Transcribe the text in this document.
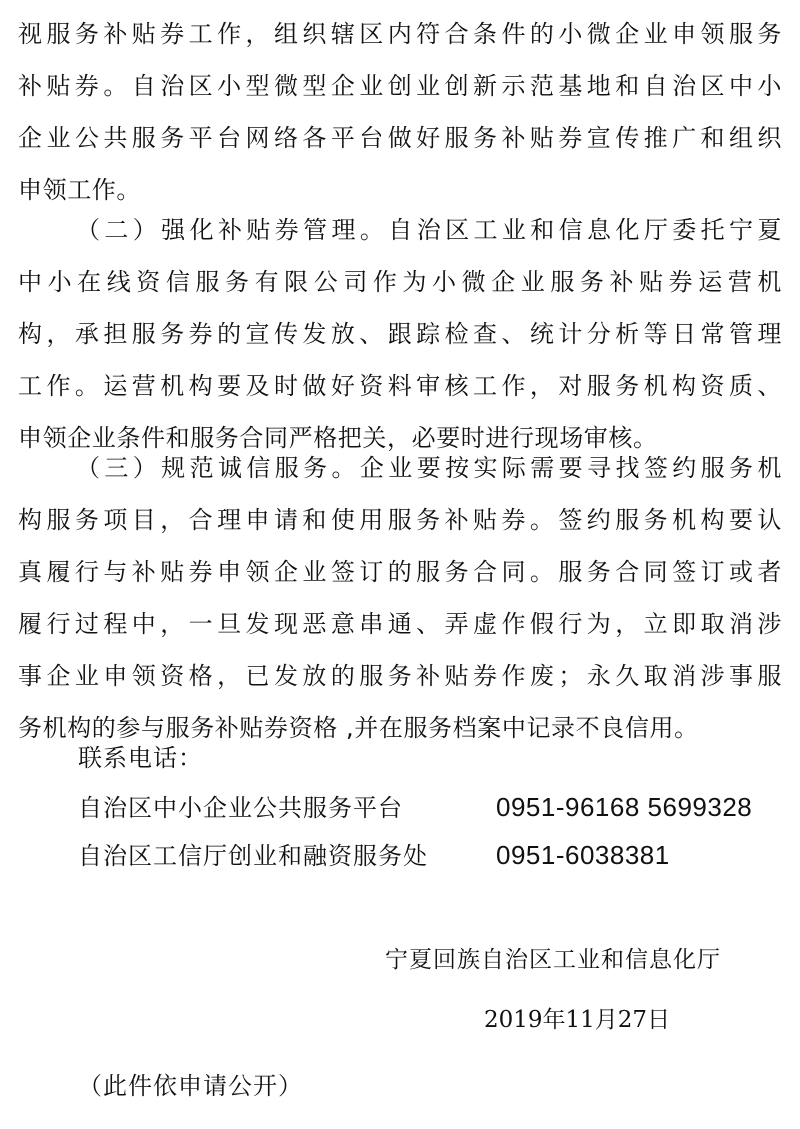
视服务补贴券工作，组织辖区内符合条件的小微企业申领服务
补贴券。自治区小型微型企业创业创新示范基地和自治区中小
企业公共服务平台网络各平台做好服务补贴券宣传推广和组织
申领工作。
（二）强化补贴券管理。自治区工业和信息化厅委托宁夏
中小在线资信服务有限公司作为小微企业服务补贴券运营机
构，承担服务券的宣传发放、跟踪检查、统计分析等日常管理
工作。运营机构要及时做好资料审核工作，对服务机构资质、
申领企业条件和服务合同严格把关，必要时进行现场审核。
（三）规范诚信服务。企业要按实际需要寻找签约服务机
构服务项目，合理申请和使用服务补贴券。签约服务机构要认
真履行与补贴券申领企业签订的服务合同。服务合同签订或者
履行过程中，一旦发现恶意串通、弄虚作假行为，立即取消涉
事企业申领资格，已发放的服务补贴券作废；永久取消涉事服
务机构的参与服务补贴券资格 ,并在服务档案中记录不良信用。
联系电话：
自治区中小企业公共服务平台	0951-96168 5699328
自治区工信厅创业和融资服务处	0951-6038381
宁夏回族自治区工业和信息化厅
2019年11月27日
（此件依申请公开）
